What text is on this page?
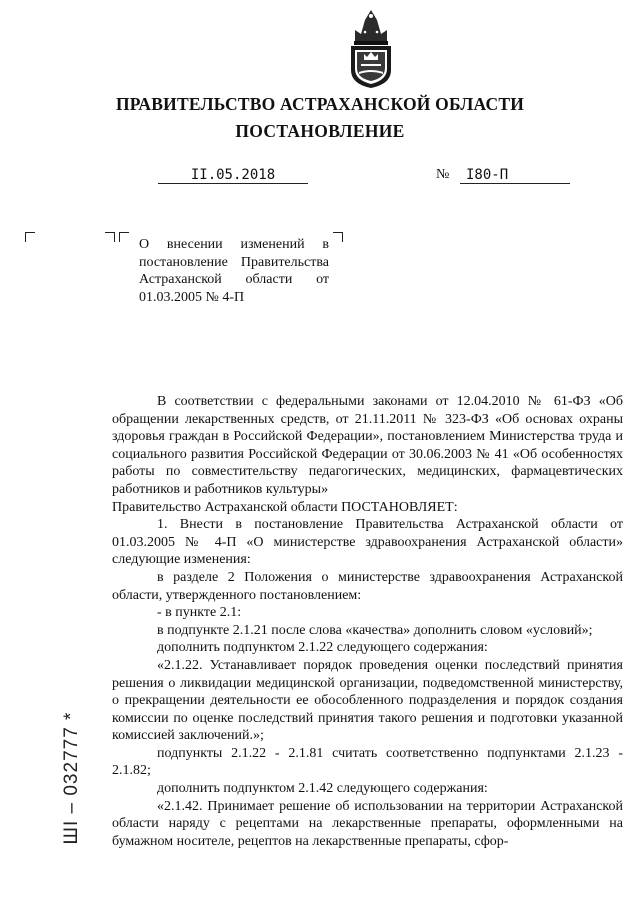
ПРАВИТЕЛЬСТВО АСТРАХАНСКОЙ ОБЛАСТИ
ПОСТАНОВЛЕНИЕ
II.05.2018	№	I80-П
О внесении изменений в постановление Правительства Астраханской области от 01.03.2005 № 4-П

В соответствии с федеральными законами от 12.04.2010 № 61-ФЗ «Об обращении лекарственных средств, от 21.11.2011 № 323-ФЗ «Об основах охраны здоровья граждан в Российской Федерации», постановлением Министерства труда и социального развития Российской Федерации от 30.06.2003 № 41 «Об особенностях работы по совместительству педагогических, медицинских, фармацевтических работников и работников культуры»

Правительство Астраханской области ПОСТАНОВЛЯЕТ:

1. Внести в постановление Правительства Астраханской области от 01.03.2005 № 4-П «О министерстве здравоохранения Астраханской области» следующие изменения:

в разделе 2 Положения о министерстве здравоохранения Астраханской области, утвержденного постановлением:

- в пункте 2.1:

в подпункте 2.1.21 после слова «качества» дополнить словом «условий»;

дополнить подпунктом 2.1.22 следующего содержания:

«2.1.22. Устанавливает порядок проведения оценки последствий принятия решения о ликвидации медицинской организации, подведомственной министерству, о прекращении деятельности ее обособленного подразделения и порядок создания комиссии по оценке последствий принятия такого решения и подготовки указанной комиссией заключений.»;

подпункты 2.1.22 - 2.1.81 считать соответственно подпунктами 2.1.23 - 2.1.82;

дополнить подпунктом 2.1.42 следующего содержания:

«2.1.42. Принимает решение об использовании на территории Астраханской области наряду с рецептами на лекарственные препараты, оформленными на бумажном носителе, рецептов на лекарственные препараты, сфор-

ШI – 032777 *
